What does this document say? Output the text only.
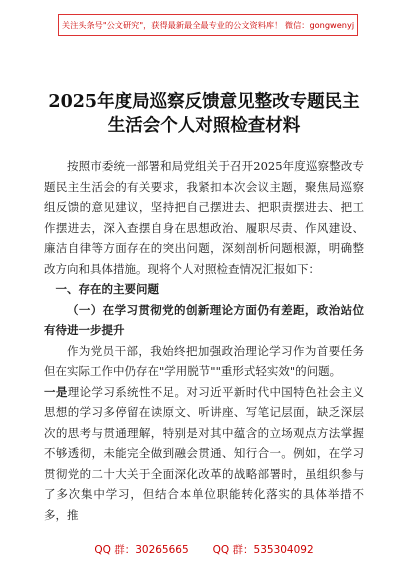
关注头条号"公文研究"，获得最新最全最专业的公文资料库！ 微信：gongwenyj
2025年度局巡察反馈意见整改专题民主
生活会个人对照检查材料

按照市委统一部署和局党组关于召开2025年度巡察整改专题民主生活会的有关要求，我紧扣本次会议主题，聚焦局巡察组反馈的意见建议，坚持把自己摆进去、把职责摆进去、把工作摆进去，深入查摆自身在思想政治、履职尽责、作风建设、廉洁自律等方面存在的突出问题，深刻剖析问题根源，明确整改方向和具体措施。现将个人对照检查情况汇报如下：

一、存在的主要问题

（一）在学习贯彻党的创新理论方面仍有差距，政治站位有待进一步提升

作为党员干部，我始终把加强政治理论学习作为首要任务但在实际工作中仍存在"学用脱节""重形式轻实效"的问题。

一是理论学习系统性不足。对习近平新时代中国特色社会主义思想的学习多停留在读原文、听讲座、写笔记层面，缺乏深层次的思考与贯通理解，特别是对其中蕴含的立场观点方法掌握不够透彻，未能完全做到融会贯通、知行合一。例如，在学习贯彻党的二十大关于全面深化改革的战略部署时，虽组织参与了多次集中学习，但结合本单位职能转化落实的具体举措不多，推

QQ 群：30265665 QQ 群：535304092
